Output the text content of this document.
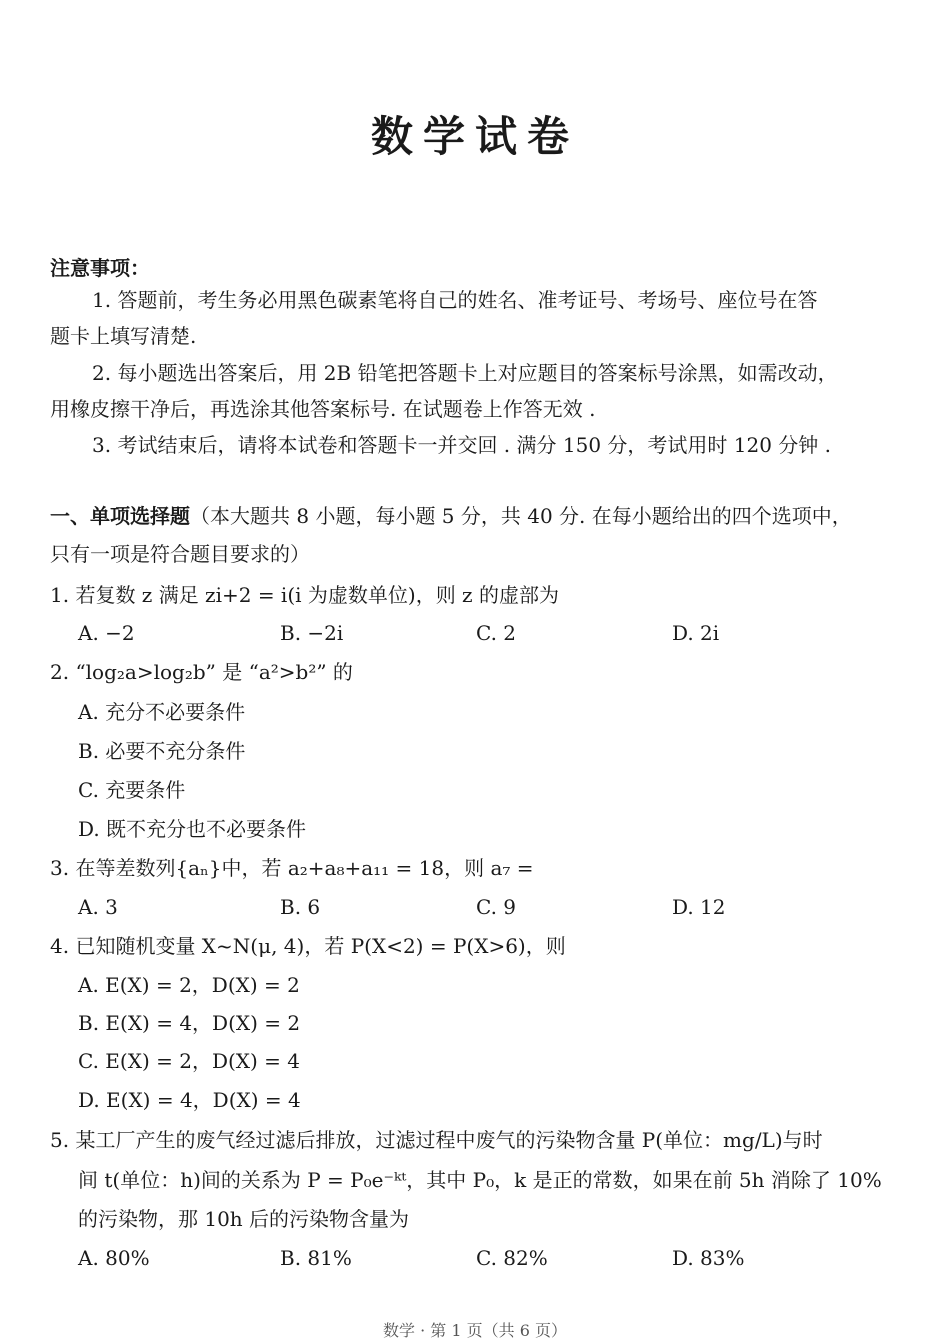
数学试卷
注意事项：
1. 答题前，考生务必用黑色碳素笔将自己的姓名、准考证号、考场号、座位号在答
题卡上填写清楚.
2. 每小题选出答案后，用 2B 铅笔把答题卡上对应题目的答案标号涂黑，如需改动，
用橡皮擦干净后，再选涂其他答案标号. 在试题卷上作答无效 .
3. 考试结束后，请将本试卷和答题卡一并交回 . 满分 150 分，考试用时 120 分钟 .
一、单项选择题（本大题共 8 小题，每小题 5 分，共 40 分. 在每小题给出的四个选项中，
只有一项是符合题目要求的）
1. 若复数 z 满足 zi+2 = i(i 为虚数单位)，则 z 的虚部为
A. −2	B. −2i	C. 2	D. 2i
2. “log₂a>log₂b” 是 “a²>b²” 的
A. 充分不必要条件
B. 必要不充分条件
C. 充要条件
D. 既不充分也不必要条件
3. 在等差数列{aₙ}中，若 a₂+a₈+a₁₁ = 18，则 a₇ =
A. 3	B. 6	C. 9	D. 12
4. 已知随机变量 X~N(μ, 4)，若 P(X<2) = P(X>6)，则
A. E(X) = 2，D(X) = 2
B. E(X) = 4，D(X) = 2
C. E(X) = 2，D(X) = 4
D. E(X) = 4，D(X) = 4
5. 某工厂产生的废气经过滤后排放，过滤过程中废气的污染物含量 P(单位：mg/L)与时
间 t(单位：h)间的关系为 P = P₀e⁻ᵏᵗ，其中 P₀，k 是正的常数，如果在前 5h 消除了 10%
的污染物，那 10h 后的污染物含量为
A. 80%	B. 81%	C. 82%	D. 83%
数学 · 第 1 页（共 6 页）
